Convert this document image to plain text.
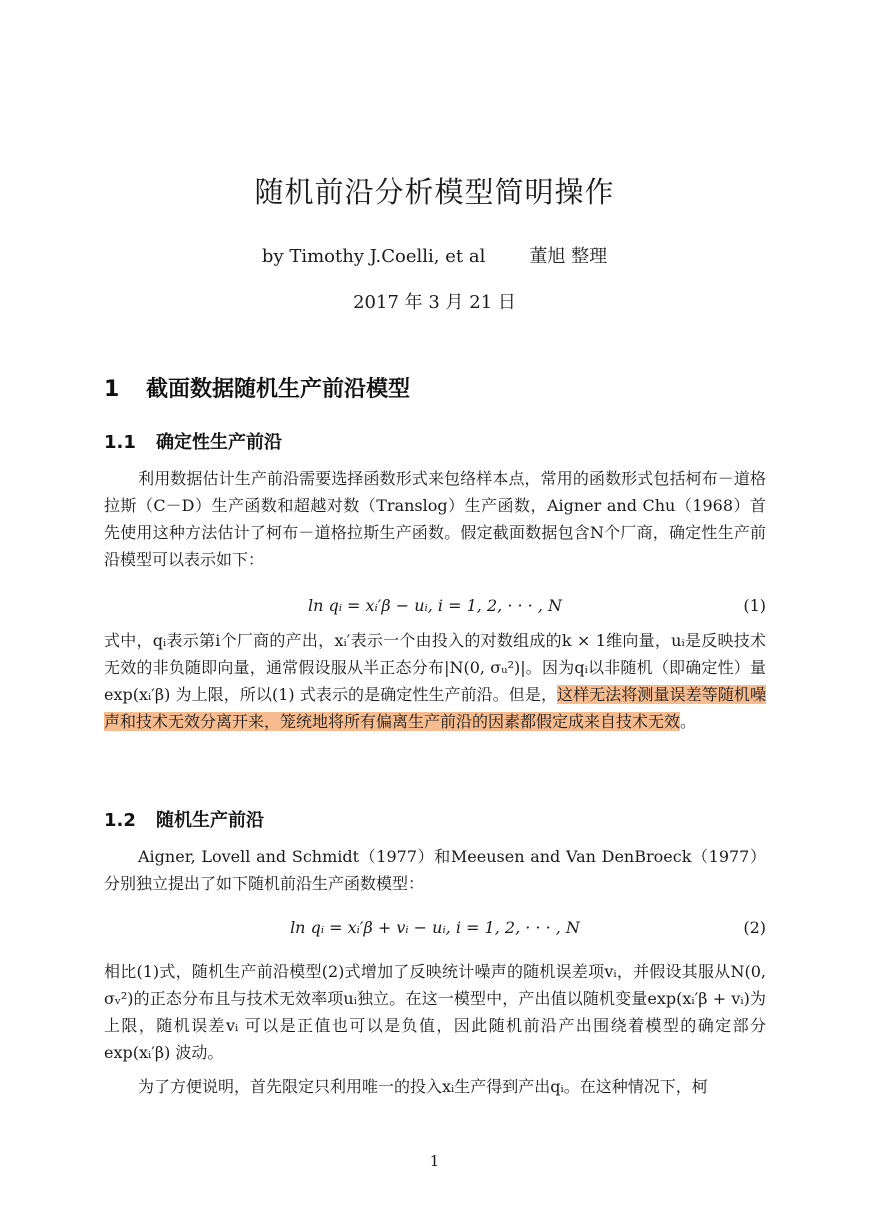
随机前沿分析模型简明操作
by Timothy J.Coelli, et al 董旭 整理
2017 年 3 月 21 日
1 截面数据随机生产前沿模型
1.1 确定性生产前沿
利用数据估计生产前沿需要选择函数形式来包络样本点，常用的函数形式包括柯布－道格拉斯（C－D）生产函数和超越对数（Translog）生产函数，Aigner and Chu（1968）首先使用这种方法估计了柯布－道格拉斯生产函数。假定截面数据包含N个厂商，确定性生产前沿模型可以表示如下：
ln qᵢ = xᵢ′β − uᵢ, i = 1, 2, · · · , N	(1)
式中，qᵢ表示第i个厂商的产出，xᵢ′表示一个由投入的对数组成的k × 1维向量，uᵢ是反映技术无效的非负随即向量，通常假设服从半正态分布|N(0, σᵤ²)|。因为qᵢ以非随机（即确定性）量exp(xᵢ′β) 为上限，所以(1) 式表示的是确定性生产前沿。但是，这样无法将测量误差等随机噪声和技术无效分离开来，笼统地将所有偏离生产前沿的因素都假定成来自技术无效。
1.2 随机生产前沿
Aigner, Lovell and Schmidt（1977）和Meeusen and Van DenBroeck（1977）分别独立提出了如下随机前沿生产函数模型：
ln qᵢ = xᵢ′β + vᵢ − uᵢ, i = 1, 2, · · · , N	(2)
相比(1)式，随机生产前沿模型(2)式增加了反映统计噪声的随机误差项vᵢ，并假设其服从N(0, σᵥ²)的正态分布且与技术无效率项uᵢ独立。在这一模型中，产出值以随机变量exp(xᵢ′β + vᵢ)为上限，随机误差vᵢ 可以是正值也可以是负值，因此随机前沿产出围绕着模型的确定部分exp(xᵢ′β) 波动。
为了方便说明，首先限定只利用唯一的投入xᵢ生产得到产出qᵢ。在这种情况下，柯
1
